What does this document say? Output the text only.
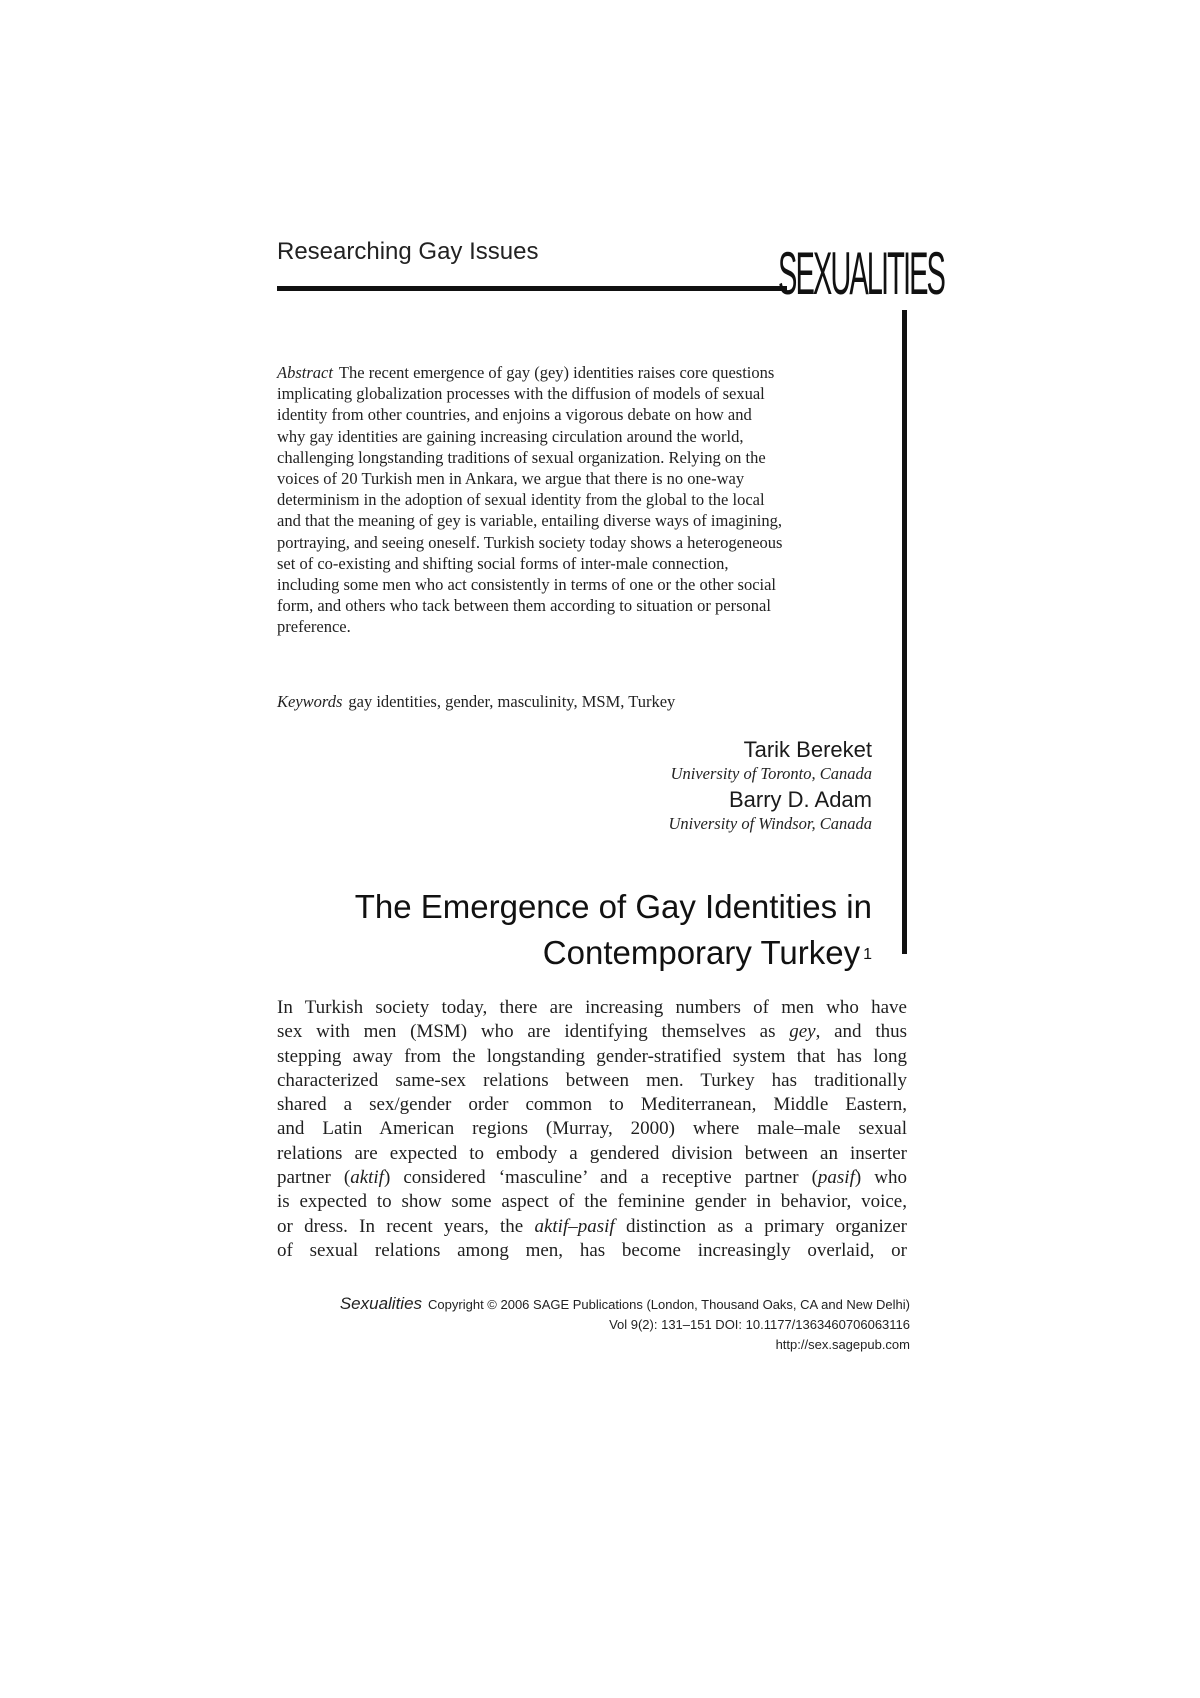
Researching Gay Issues	SEXUALITIES
Abstract The recent emergence of gay (gey) identities raises core questions implicating globalization processes with the diffusion of models of sexual identity from other countries, and enjoins a vigorous debate on how and why gay identities are gaining increasing circulation around the world, challenging longstanding traditions of sexual organization. Relying on the voices of 20 Turkish men in Ankara, we argue that there is no one-way determinism in the adoption of sexual identity from the global to the local and that the meaning of gey is variable, entailing diverse ways of imagining, portraying, and seeing oneself. Turkish society today shows a heterogeneous set of co-existing and shifting social forms of inter-male connection, including some men who act consistently in terms of one or the other social form, and others who tack between them according to situation or personal preference.
Keywords gay identities, gender, masculinity, MSM, Turkey
Tarik Bereket
University of Toronto, Canada
Barry D. Adam
University of Windsor, Canada
The Emergence of Gay Identities in
Contemporary Turkey $^1$
In Turkish society today, there are increasing numbers of men who have
sex with men (MSM) who are identifying themselves as gey, and thus
stepping away from the longstanding gender-stratified system that has long
characterized same-sex relations between men. Turkey has traditionally
shared a sex/gender order common to Mediterranean, Middle Eastern,
and Latin American regions (Murray, 2000) where male–male sexual
relations are expected to embody a gendered division between an inserter
partner (aktif) considered ‘masculine’ and a receptive partner (pasif) who
is expected to show some aspect of the feminine gender in behavior, voice,
or dress. In recent years, the aktif–pasif distinction as a primary organizer
of sexual relations among men, has become increasingly overlaid, or
Sexualities Copyright © 2006 SAGE Publications (London, Thousand Oaks, CA and New Delhi)
Vol 9(2): 131–151 DOI: 10.1177/1363460706063116
http://sex.sagepub.com
